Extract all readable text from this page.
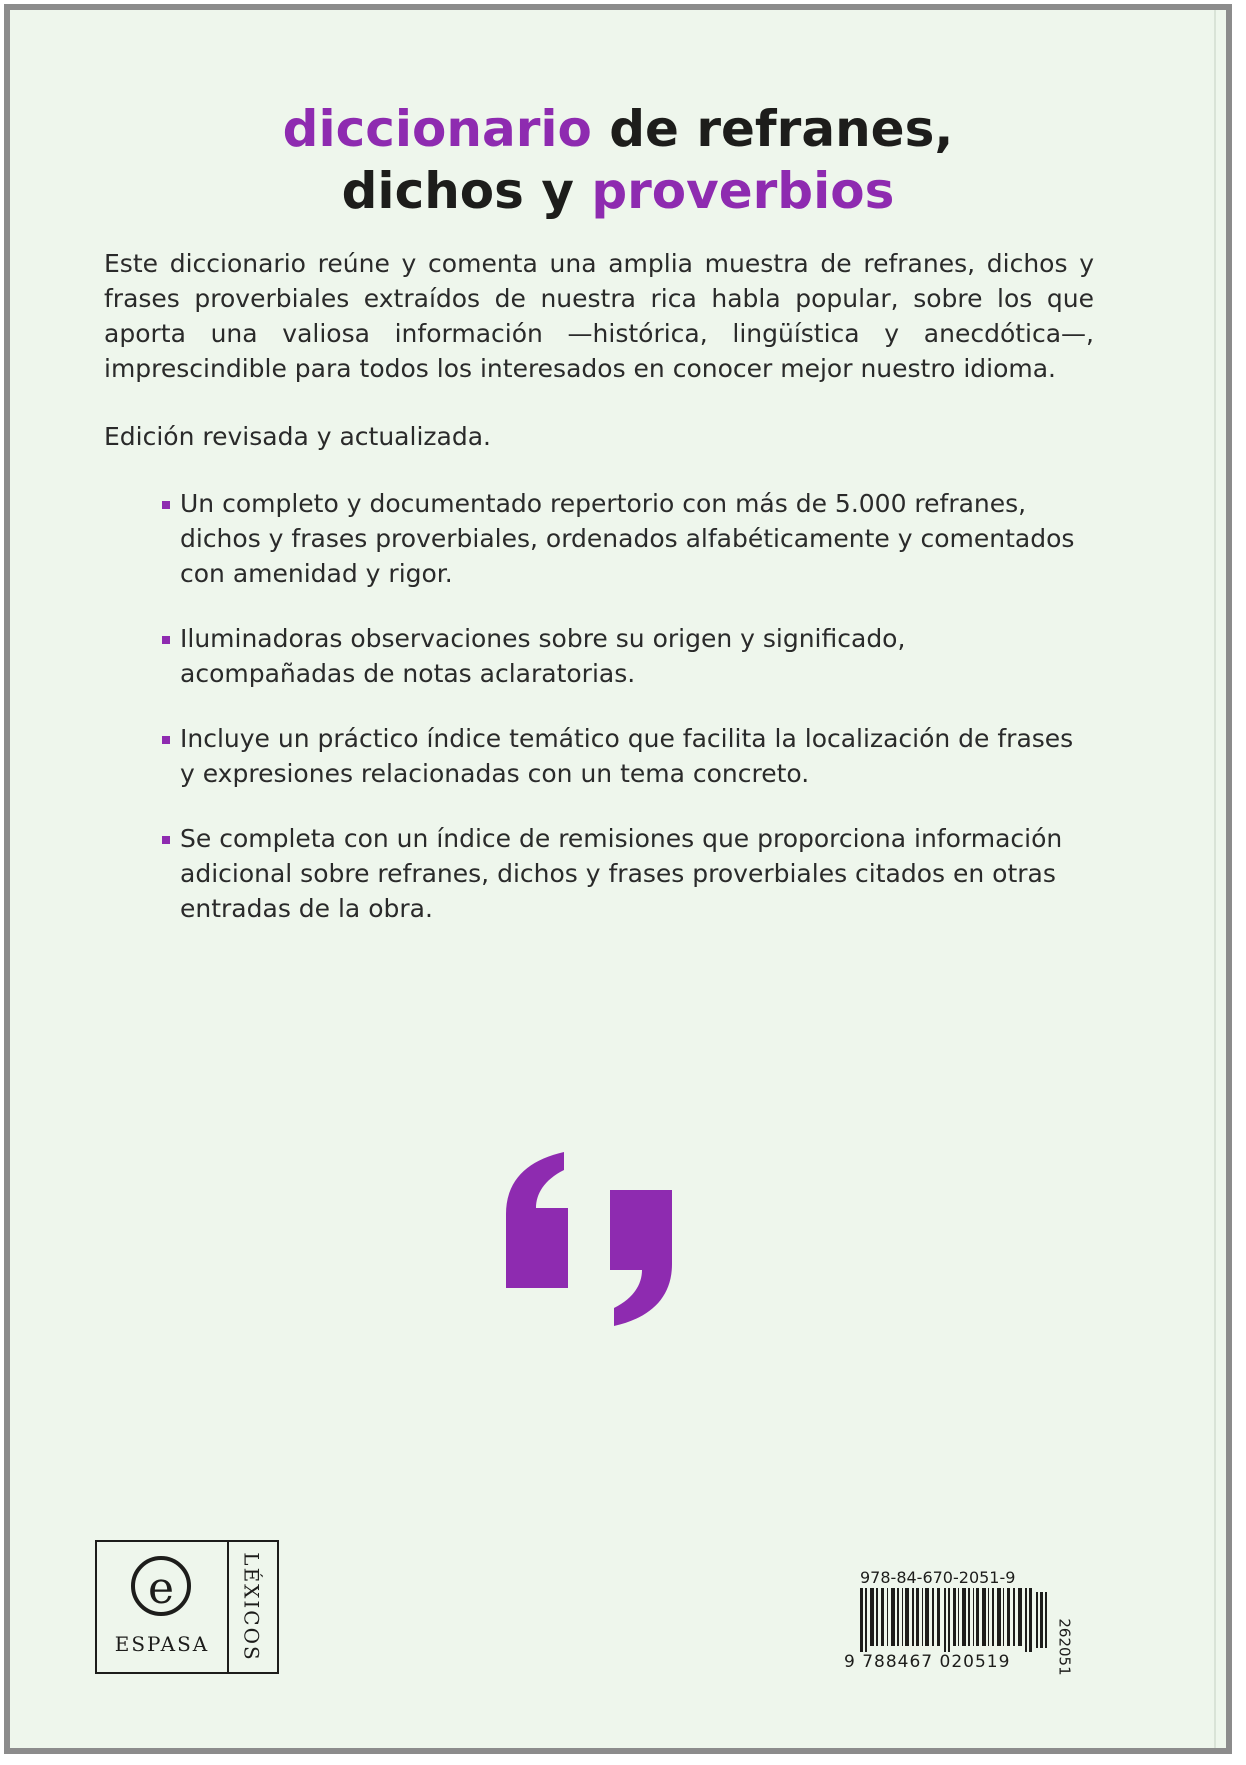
diccionario de refranes,
dichos y proverbios

Este diccionario reúne y comenta una amplia muestra de refranes, dichos y frases proverbiales extraídos de nuestra rica habla popular, sobre los que aporta una valiosa información —histórica, lingüística y anecdótica—, imprescindible para todos los interesados en conocer mejor nuestro idioma.

Edición revisada y actualizada.
Un completo y documentado repertorio con más de 5.000 refranes, dichos y frases proverbiales, ordenados alfabéticamente y comentados con amenidad y rigor.
Iluminadoras observaciones sobre su origen y significado, acompañadas de notas aclaratorias.
Incluye un práctico índice temático que facilita la localización de frases y expresiones relacionadas con un tema concreto.
Se completa con un índice de remisiones que proporciona información adicional sobre refranes, dichos y frases proverbiales citados en otras entradas de la obra.
e
ESPASA	LÉXICOS	978-84-670-2051-9
9 788467 020519	262051
